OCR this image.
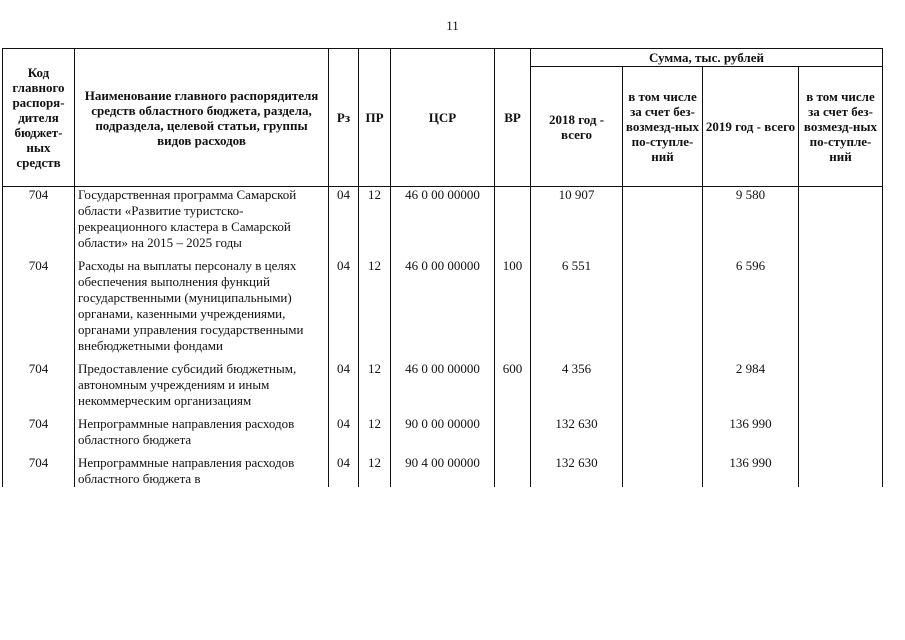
11
Код главного распоря-дителя бюджет-ных средств	Наименование главного распорядителя средств областного бюджета, раздела, подраздела, целевой статьи, группы видов расходов	Рз	ПР	ЦСР	ВР	Сумма, тыс. рублей			
						2018 год - всего	в том числе за счет без-возмезд-ных по-ступле-ний	2019 год - всего	в том числе за счет без-возмезд-ных по-ступле-ний
704	Государственная программа Самарской области «Развитие туристско-рекреационного кластера в Самарской области» на 2015 – 2025 годы	04	12	46 0 00 00000		10 907		9 580	
704	Расходы на выплаты персоналу в целях обеспечения выполнения функций государственными (муниципальными) органами, казенными учреждениями, органами управления государственными внебюджетными фондами	04	12	46 0 00 00000	100	6 551		6 596	
704	Предоставление субсидий бюджетным, автономным учреждениям и иным некоммерческим организациям	04	12	46 0 00 00000	600	4 356		2 984	
704	Непрограммные направления расходов областного бюджета	04	12	90 0 00 00000		132 630		136 990	
704	Непрограммные направления расходов областного бюджета в	04	12	90 4 00 00000		132 630		136 990	
